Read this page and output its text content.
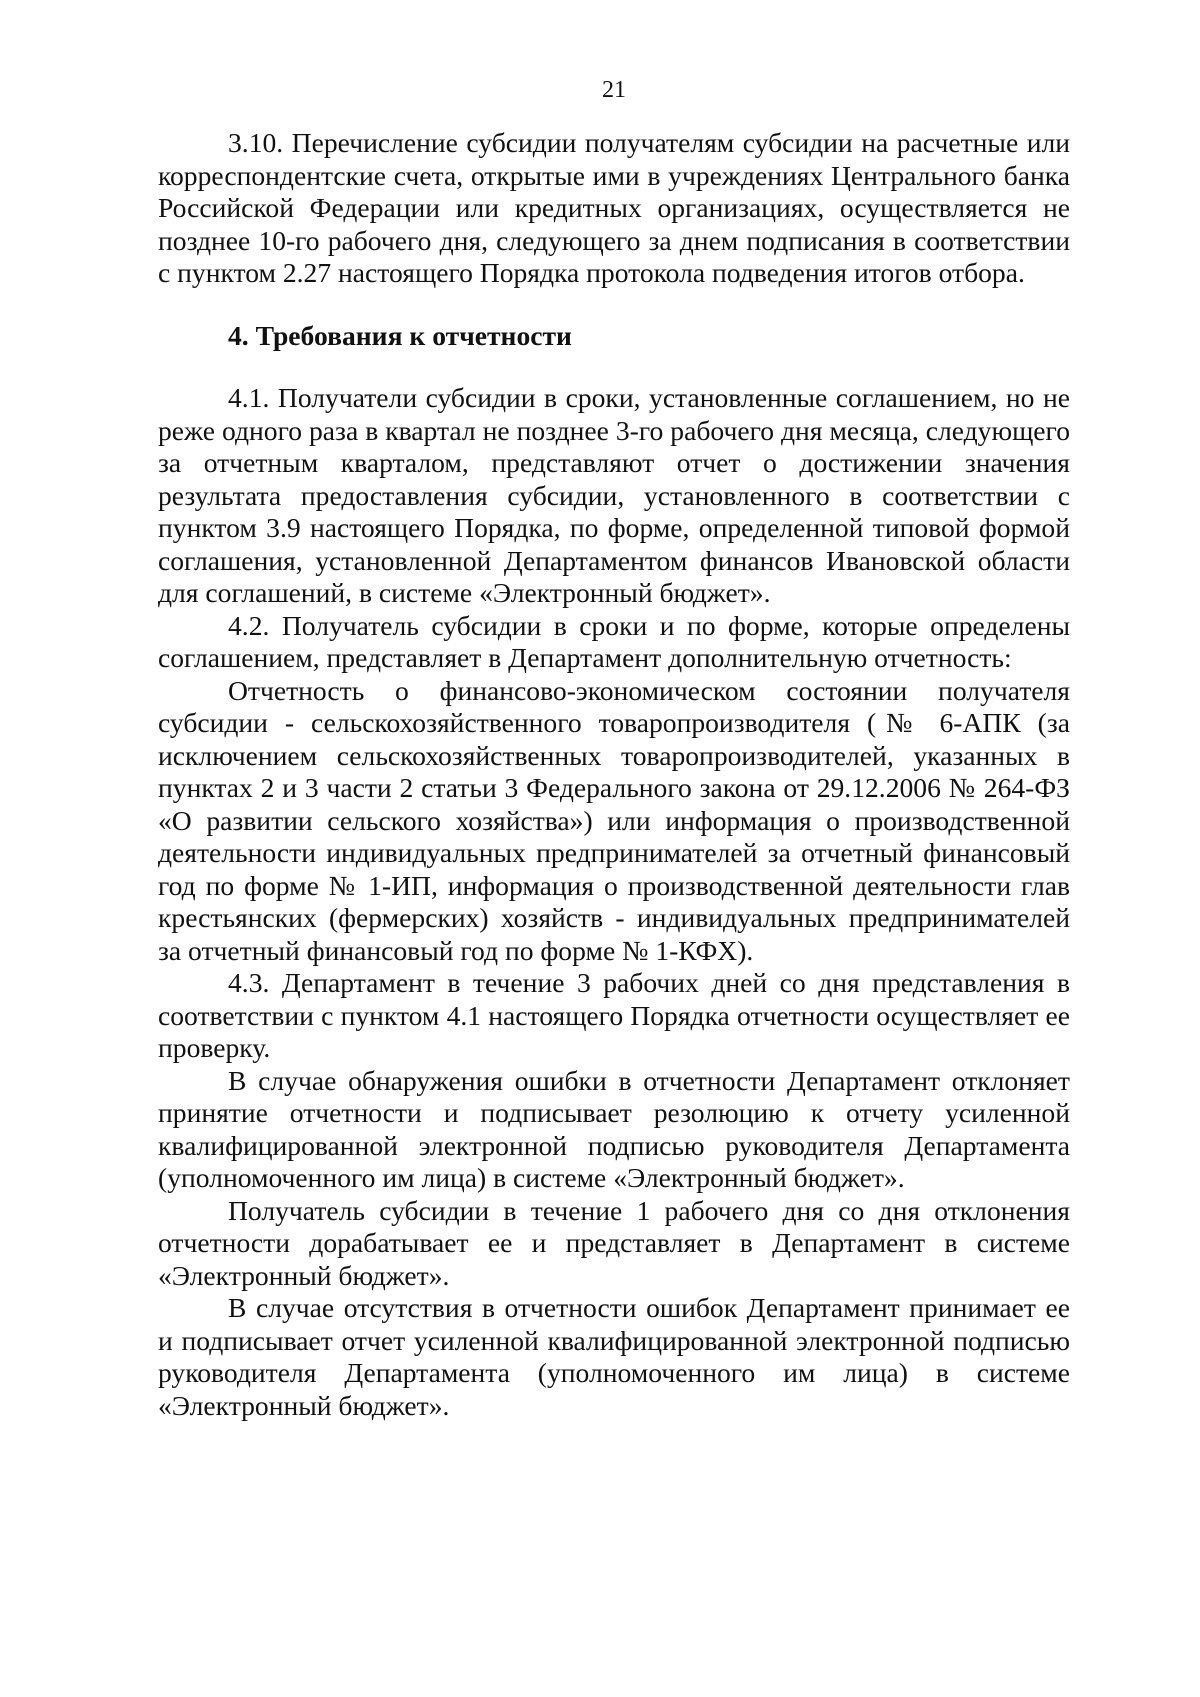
21

3.10. Перечисление субсидии получателям субсидии на расчетные или корреспондентские счета, открытые ими в учреждениях Центрального банка Российской Федерации или кредитных организациях, осуществляется не позднее 10-го рабочего дня, следующего за днем подписания в соответствии с пунктом 2.27 настоящего Порядка протокола подведения итогов отбора.

4. Требования к отчетности

4.1. Получатели субсидии в сроки, установленные соглашением, но не реже одного раза в квартал не позднее 3-го рабочего дня месяца, следующего за отчетным кварталом, представляют отчет о достижении значения результата предоставления субсидии, установленного в соответствии с пунктом 3.9 настоящего Порядка, по форме, определенной типовой формой соглашения, установленной Департаментом финансов Ивановской области для соглашений, в системе «Электронный бюджет».

4.2. Получатель субсидии в сроки и по форме, которые определены соглашением, представляет в Департамент дополнительную отчетность:

Отчетность о финансово-экономическом состоянии получателя субсидии - сельскохозяйственного товаропроизводителя (№ 6-АПК (за исключением сельскохозяйственных товаропроизводителей, указанных в пунктах 2 и 3 части 2 статьи 3 Федерального закона от 29.12.2006 № 264-ФЗ «О развитии сельского хозяйства») или информация о производственной деятельности индивидуальных предпринимателей за отчетный финансовый год по форме № 1-ИП, информация о производственной деятельности глав крестьянских (фермерских) хозяйств - индивидуальных предпринимателей за отчетный финансовый год по форме № 1-КФХ).

4.3. Департамент в течение 3 рабочих дней со дня представления в соответствии с пунктом 4.1 настоящего Порядка отчетности осуществляет ее проверку.

В случае обнаружения ошибки в отчетности Департамент отклоняет принятие отчетности и подписывает резолюцию к отчету усиленной квалифицированной электронной подписью руководителя Департамента (уполномоченного им лица) в системе «Электронный бюджет».

Получатель субсидии в течение 1 рабочего дня со дня отклонения отчетности дорабатывает ее и представляет в Департамент в системе «Электронный бюджет».

В случае отсутствия в отчетности ошибок Департамент принимает ее и подписывает отчет усиленной квалифицированной электронной подписью руководителя Департамента (уполномоченного им лица) в системе «Электронный бюджет».
